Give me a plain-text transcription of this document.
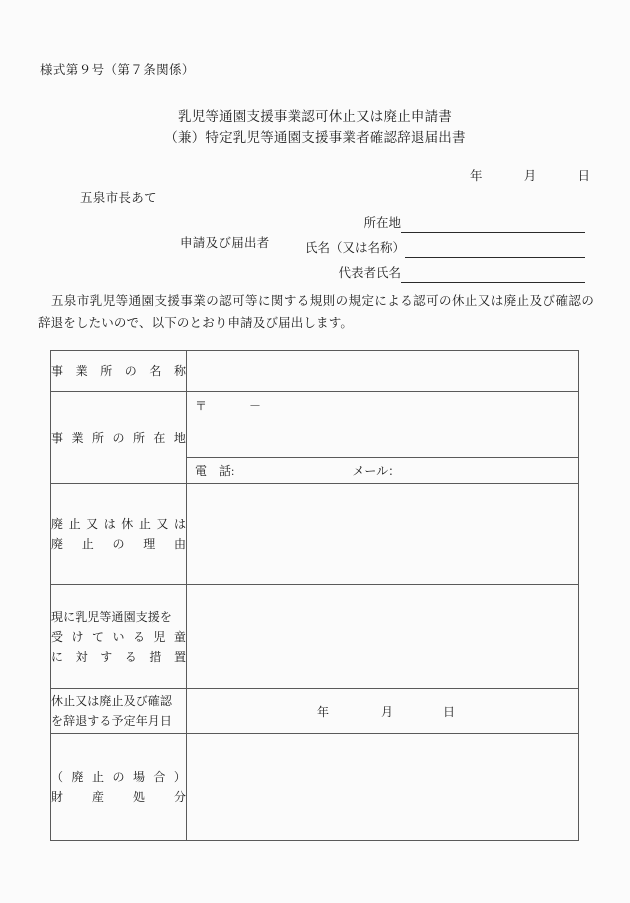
様式第９号（第７条関係）
乳児等通園支援事業認可休止又は廃止申請書
（兼）特定乳児等通園支援事業者確認辞退届出書
年	月	日
五泉市長あて
申請及び届出者
所在地
氏名（又は名称）
代表者氏名
五泉市乳児等通園支援事業の認可等に関する規則の規定による認可の休止又は廃止及び確認の辞退をしたいので、以下のとおり申請及び届出します。
事 業 所 の 名 称

事 業 所 の 所 在 地

〒	－

	電　話: メール：

廃 止 又 は 休 止 又 は
廃 止 の 理 由

現に乳児等通園支援を
受 け て い る 児 童
に 対 す る 措 置

休止又は廃止及び確認
を辞退する予定年月日	年 月 日

（ 廃 止 の 場 合 ）
財 産 処 分
